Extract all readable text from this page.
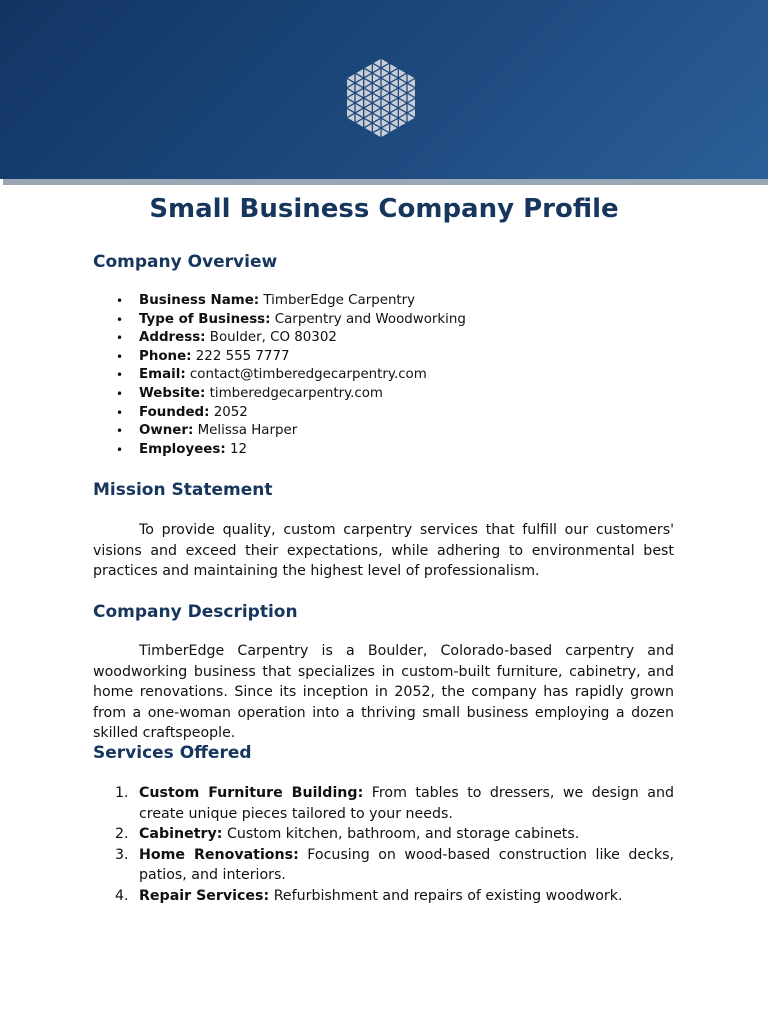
Small Business Company Profile
Company Overview
• Business Name: TimberEdge Carpentry
• Type of Business: Carpentry and Woodworking
• Address: Boulder, CO 80302
• Phone: 222 555 7777
• Email: contact@timberedgecarpentry.com
• Website: timberedgecarpentry.com
• Founded: 2052
• Owner: Melissa Harper
• Employees: 12
Mission Statement

To provide quality, custom carpentry services that fulfill our customers' visions and exceed their expectations, while adhering to environmental best practices and maintaining the highest level of professionalism.

Company Description

TimberEdge Carpentry is a Boulder, Colorado-based carpentry and woodworking business that specializes in custom-built furniture, cabinetry, and home renovations. Since its inception in 2052, the company has rapidly grown from a one-woman operation into a thriving small business employing a dozen skilled craftspeople.

Services Offered
1. Custom Furniture Building: From tables to dressers, we design and create unique pieces tailored to your needs.
2. Cabinetry: Custom kitchen, bathroom, and storage cabinets.
3. Home Renovations: Focusing on wood-based construction like decks, patios, and interiors.
4. Repair Services: Refurbishment and repairs of existing woodwork.
